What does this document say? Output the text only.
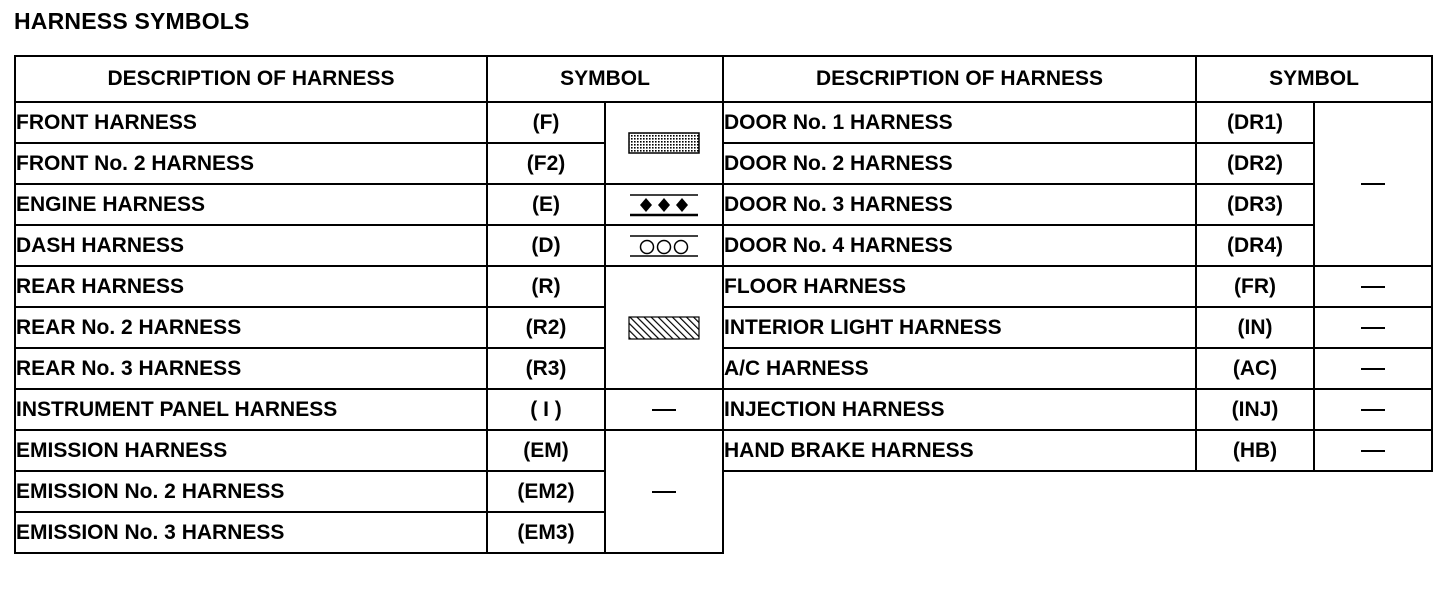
HARNESS SYMBOLS
DESCRIPTION OF HARNESS	SYMBOL	
FRONT HARNESS	(F)	

FRONT No. 2 HARNESS	(F2)	
ENGINE HARNESS	(E)	

DASH HARNESS	(D)	

REAR HARNESS	(R)	

REAR No. 2 HARNESS	(R2)	
REAR No. 3 HARNESS	(R3)	
INSTRUMENT PANEL HARNESS	( I )	
EMISSION HARNESS	(EM)	
EMISSION No. 2 HARNESS	(EM2)	
EMISSION No. 3 HARNESS	(EM3)	
DESCRIPTION OF HARNESS	SYMBOL	
DOOR No. 1 HARNESS	(DR1)	
DOOR No. 2 HARNESS	(DR2)	
DOOR No. 3 HARNESS	(DR3)	
DOOR No. 4 HARNESS	(DR4)	
FLOOR HARNESS	(FR)	
INTERIOR LIGHT HARNESS	(IN)	
A/C HARNESS	(AC)	
INJECTION HARNESS	(INJ)	
HAND BRAKE HARNESS	(HB)	
